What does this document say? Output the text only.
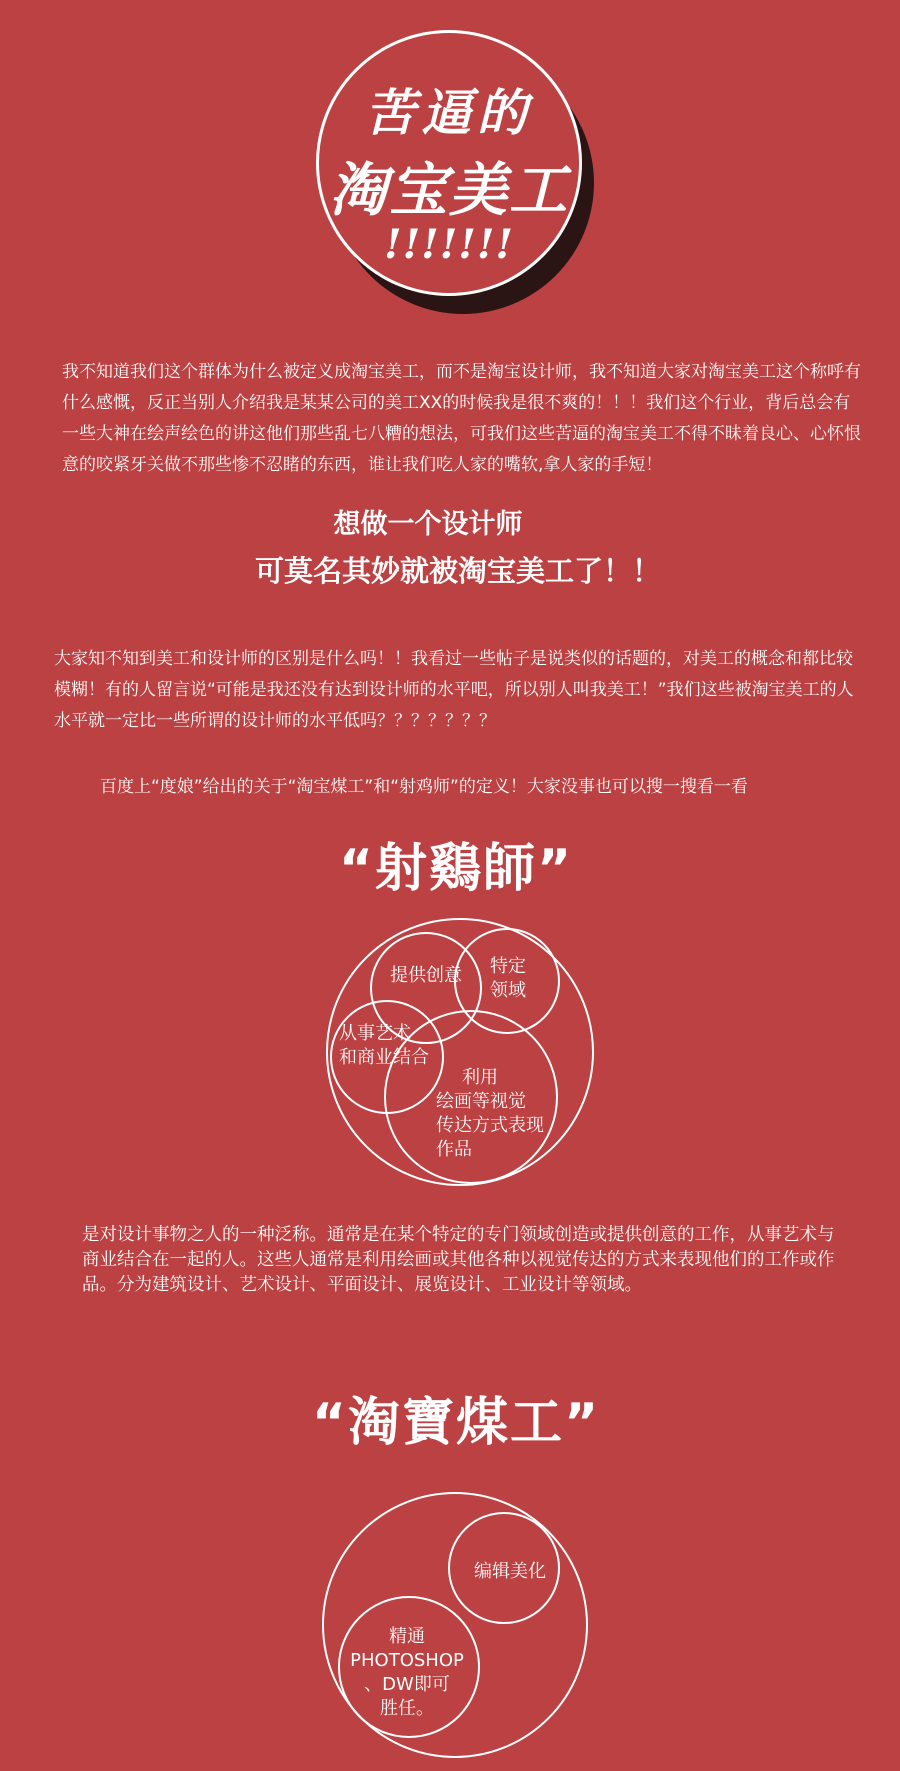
苦逼的
淘宝美工
!!!!!!!
我不知道我们这个群体为什么被定义成淘宝美工，而不是淘宝设计师，我不知道大家对淘宝美工这个称呼有什么感慨，反正当别人介绍我是某某公司的美工XX的时候我是很不爽的！！！我们这个行业，背后总会有一些大神在绘声绘色的讲这他们那些乱七八糟的想法，可我们这些苦逼的淘宝美工不得不昧着良心、心怀恨意的咬紧牙关做不那些惨不忍睹的东西，谁让我们吃人家的嘴软,拿人家的手短！
想做一个设计师
可莫名其妙就被淘宝美工了！！
大家知不知到美工和设计师的区别是什么吗！！我看过一些帖子是说类似的话题的，对美工的概念和都比较模糊！有的人留言说“可能是我还没有达到设计师的水平吧，所以别人叫我美工！”我们这些被淘宝美工的人水平就一定比一些所谓的设计师的水平低吗？？？？？？？
百度上“度娘”给出的关于“淘宝煤工”和“射鸡师”的定义！大家没事也可以搜一搜看一看
“射鷄師”
提供创意	特定
领域
从事艺术
和商业结合
利用
绘画等视觉
传达方式表现
作品
是对设计事物之人的一种泛称。通常是在某个特定的专门领域创造或提供创意的工作，从事艺术与商业结合在一起的人。这些人通常是利用绘画或其他各种以视觉传达的方式来表现他们的工作或作品。分为建筑设计、艺术设计、平面设计、展览设计、工业设计等领域。
“淘寶煤工”
编辑美化
精通
PHOTOSHOP
、DW即可
胜任。
